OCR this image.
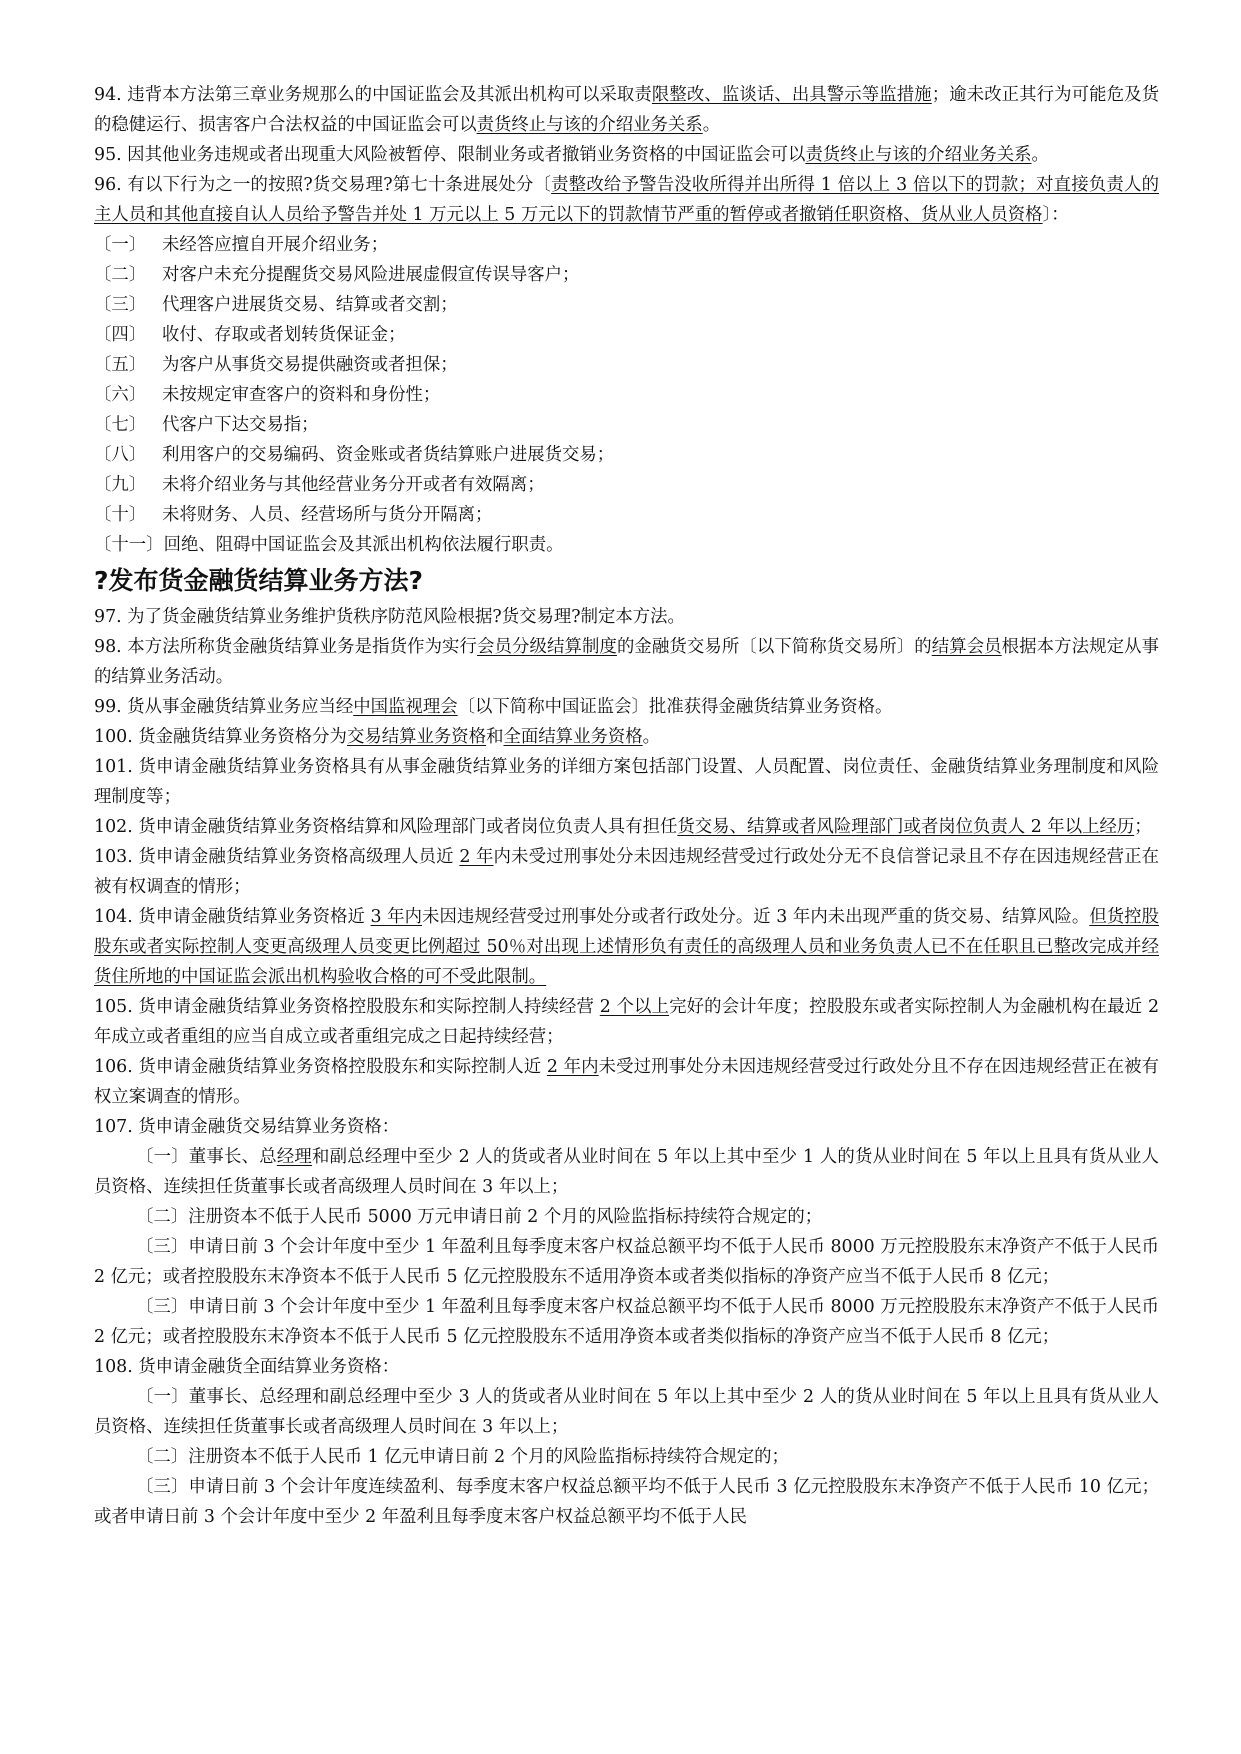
94. 违背本方法第三章业务规那么的中国证监会及其派出机构可以采取责限整改、监谈话、出具警示等监措施；逾未改正其行为可能危及货的稳健运行、损害客户合法权益的中国证监会可以责货终止与该的介绍业务关系。

95. 因其他业务违规或者出现重大风险被暂停、限制业务或者撤销业务资格的中国证监会可以责货终止与该的介绍业务关系。

96. 有以下行为之一的按照?货交易理?第七十条进展处分〔责整改给予警告没收所得并出所得 1 倍以上 3 倍以下的罚款；对直接负责人的主人员和其他直接自认人员给予警告并处 1 万元以上 5 万元以下的罚款情节严重的暂停或者撤销任职资格、货从业人员资格〕：

〔一〕 未经答应擅自开展介绍业务；
〔二〕 对客户未充分提醒货交易风险进展虚假宣传误导客户；
〔三〕 代理客户进展货交易、结算或者交割；
〔四〕 收付、存取或者划转货保证金；
〔五〕 为客户从事货交易提供融资或者担保；
〔六〕 未按规定审查客户的资料和身份性；
〔七〕 代客户下达交易指；
〔八〕 利用客户的交易编码、资金账或者货结算账户进展货交易；
〔九〕 未将介绍业务与其他经营业务分开或者有效隔离；
〔十〕 未将财务、人员、经营场所与货分开隔离；
〔十一〕回绝、阻碍中国证监会及其派出机构依法履行职责。
?发布货金融货结算业务方法?

97. 为了货金融货结算业务维护货秩序防范风险根据?货交易理?制定本方法。

98. 本方法所称货金融货结算业务是指货作为实行会员分级结算制度的金融货交易所〔以下简称货交易所〕的结算会员根据本方法规定从事的结算业务活动。

99. 货从事金融货结算业务应当经中国监视理会〔以下简称中国证监会〕批准获得金融货结算业务资格。

100. 货金融货结算业务资格分为交易结算业务资格和全面结算业务资格。

101. 货申请金融货结算业务资格具有从事金融货结算业务的详细方案包括部门设置、人员配置、岗位责任、金融货结算业务理制度和风险理制度等；

102. 货申请金融货结算业务资格结算和风险理部门或者岗位负责人具有担任货交易、结算或者风险理部门或者岗位负责人 2 年以上经历；

103. 货申请金融货结算业务资格高级理人员近 2 年内未受过刑事处分未因违规经营受过行政处分无不良信誉记录且不存在因违规经营正在被有权调查的情形；

104. 货申请金融货结算业务资格近 3 年内未因违规经营受过刑事处分或者行政处分。近 3 年内未出现严重的货交易、结算风险。但货控股股东或者实际控制人变更高级理人员变更比例超过 50％对出现上述情形负有责任的高级理人员和业务负责人已不在任职且已整改完成并经货住所地的中国证监会派出机构验收合格的可不受此限制。

105. 货申请金融货结算业务资格控股股东和实际控制人持续经营 2 个以上完好的会计年度；控股股东或者实际控制人为金融机构在最近 2 年成立或者重组的应当自成立或者重组完成之日起持续经营；

106. 货申请金融货结算业务资格控股股东和实际控制人近 2 年内未受过刑事处分未因违规经营受过行政处分且不存在因违规经营正在被有权立案调查的情形。

107. 货申请金融货交易结算业务资格：

〔一〕董事长、总经理和副总经理中至少 2 人的货或者从业时间在 5 年以上其中至少 1 人的货从业时间在 5 年以上且具有货从业人员资格、连续担任货董事长或者高级理人员时间在 3 年以上；

〔二〕注册资本不低于人民币 5000 万元申请日前 2 个月的风险监指标持续符合规定的；

〔三〕申请日前 3 个会计年度中至少 1 年盈利且每季度末客户权益总额平均不低于人民币 8000 万元控股股东末净资产不低于人民币 2 亿元；或者控股股东末净资本不低于人民币 5 亿元控股股东不适用净资本或者类似指标的净资产应当不低于人民币 8 亿元；

〔三〕申请日前 3 个会计年度中至少 1 年盈利且每季度末客户权益总额平均不低于人民币 8000 万元控股股东末净资产不低于人民币 2 亿元；或者控股股东末净资本不低于人民币 5 亿元控股股东不适用净资本或者类似指标的净资产应当不低于人民币 8 亿元；

108. 货申请金融货全面结算业务资格：

〔一〕董事长、总经理和副总经理中至少 3 人的货或者从业时间在 5 年以上其中至少 2 人的货从业时间在 5 年以上且具有货从业人员资格、连续担任货董事长或者高级理人员时间在 3 年以上；

〔二〕注册资本不低于人民币 1 亿元申请日前 2 个月的风险监指标持续符合规定的；

〔三〕申请日前 3 个会计年度连续盈利、每季度末客户权益总额平均不低于人民币 3 亿元控股股东末净资产不低于人民币 10 亿元；或者申请日前 3 个会计年度中至少 2 年盈利且每季度末客户权益总额平均不低于人民
